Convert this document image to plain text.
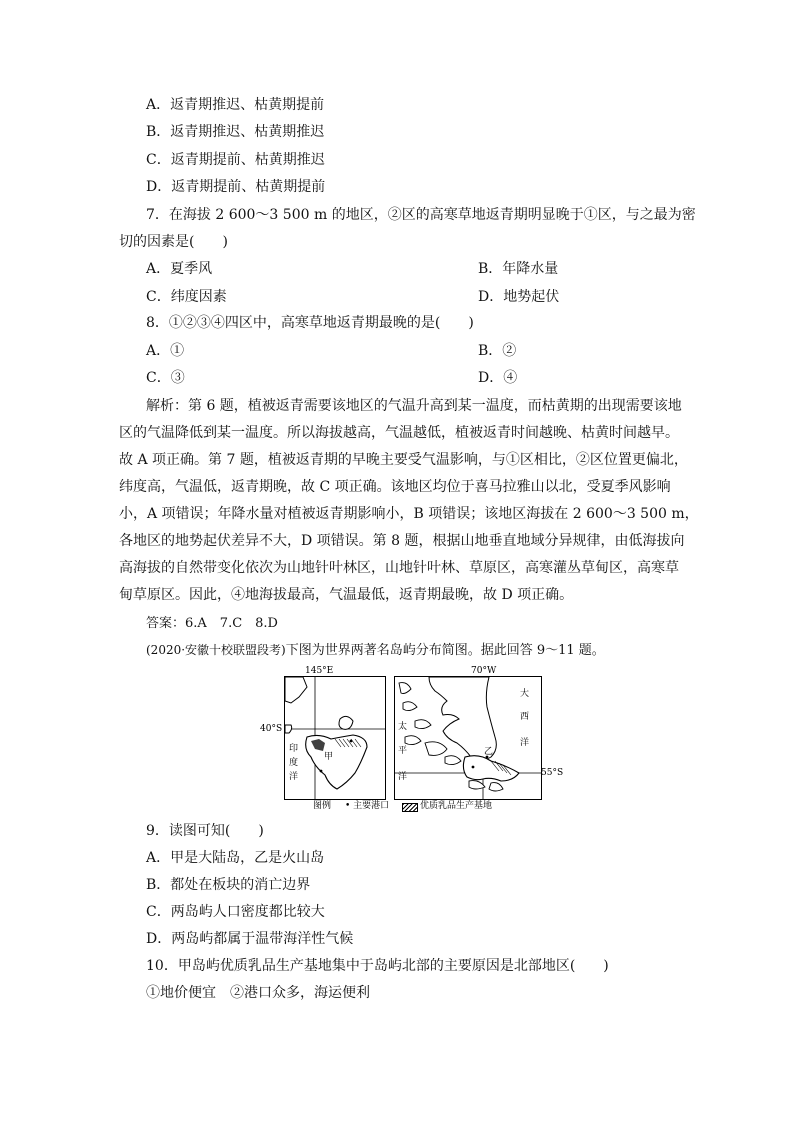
A．返青期推迟、枯黄期提前
B．返青期推迟、枯黄期推迟
C．返青期提前、枯黄期推迟
D．返青期提前、枯黄期提前
7．在海拔 2 600～3 500 m 的地区，②区的高寒草地返青期明显晚于①区，与之最为密
切的因素是(　　)
A．夏季风	B．年降水量
C．纬度因素	D．地势起伏
8．①②③④四区中，高寒草地返青期最晚的是(　　)
A．①	B．②
C．③	D．④
解析：第 6 题，植被返青需要该地区的气温升高到某一温度，而枯黄期的出现需要该地
区的气温降低到某一温度。所以海拔越高，气温越低，植被返青时间越晚、枯黄时间越早。
故 A 项正确。第 7 题，植被返青期的早晚主要受气温影响，与①区相比，②区位置更偏北，
纬度高，气温低，返青期晚，故 C 项正确。该地区均位于喜马拉雅山以北，受夏季风影响
小，A 项错误；年降水量对植被返青期影响小，B 项错误；该地区海拔在 2 600～3 500 m，
各地区的地势起伏差异不大，D 项错误。第 8 题，根据山地垂直地域分异规律，由低海拔向
高海拔的自然带变化依次为山地针叶林区，山地针叶林、草原区，高寒灌丛草甸区，高寒草
甸草原区。因此，④地海拔最高，气温最低，返青期最晚，故 D 项正确。
答案：6.A　7.C　8.D
(2020·安徽十校联盟段考)下图为世界两著名岛屿分布简图。据此回答 9～11 题。
145°E
40°S
甲
印
度
洋
70°W
55°S
乙
太
平
洋
大
西
洋
图例 • 主要港口	优质乳品生产基地
9．读图可知(　　)
A．甲是大陆岛，乙是火山岛
B．都处在板块的消亡边界
C．两岛屿人口密度都比较大
D．两岛屿都属于温带海洋性气候
10．甲岛屿优质乳品生产基地集中于岛屿北部的主要原因是北部地区(　　)
①地价便宜　②港口众多，海运便利
